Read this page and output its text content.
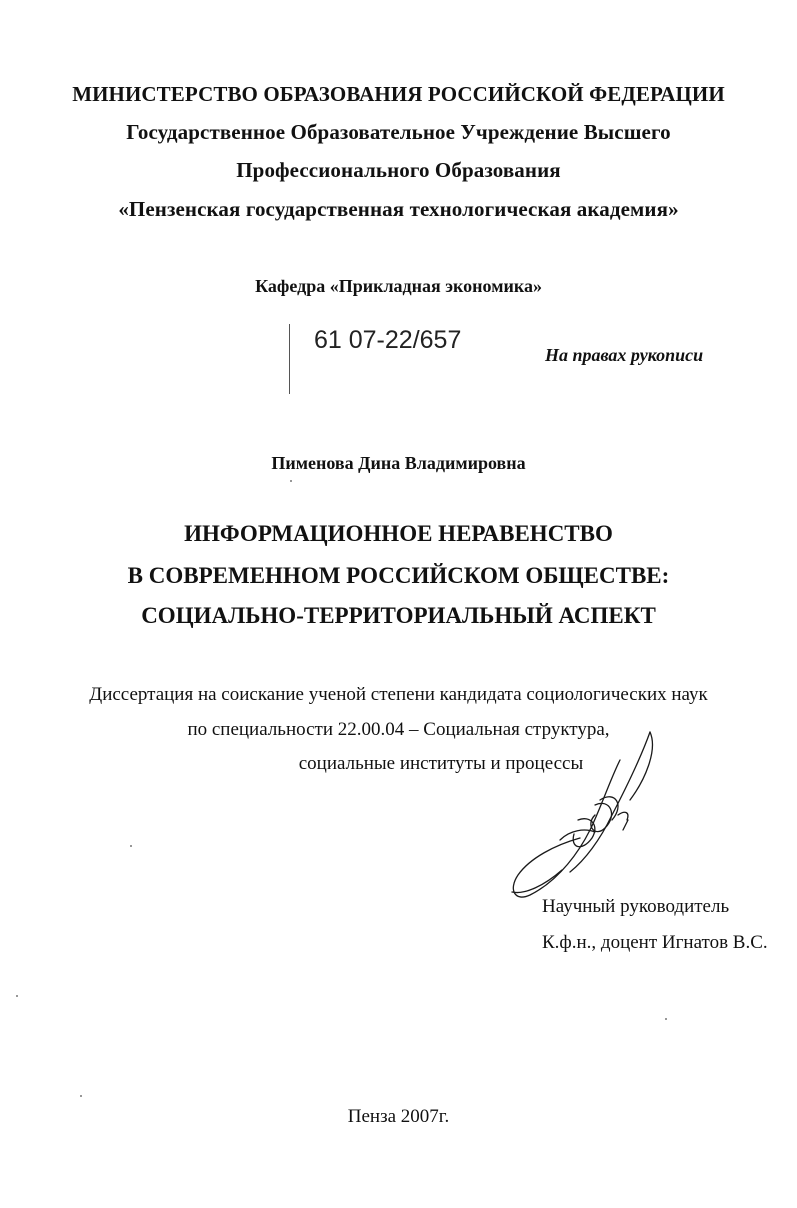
МИНИСТЕРСТВО ОБРАЗОВАНИЯ РОССИЙСКОЙ ФЕДЕРАЦИИ
Государственное Образовательное Учреждение Высшего
Профессионального Образования
«Пензенская государственная технологическая академия»
Кафедра «Прикладная экономика»
61 07-22/657
На правах рукописи
Пименова Дина Владимировна
ИНФОРМАЦИОННОЕ НЕРАВЕНСТВО
В СОВРЕМЕННОМ РОССИЙСКОМ ОБЩЕСТВЕ:
СОЦИАЛЬНО-ТЕРРИТОРИАЛЬНЫЙ АСПЕКТ
Диссертация на соискание ученой степени кандидата социологических наук
по специальности 22.00.04 – Социальная структура,
социальные институты и процессы
Научный руководитель
К.ф.н., доцент Игнатов В.С.
Пенза 2007г.
